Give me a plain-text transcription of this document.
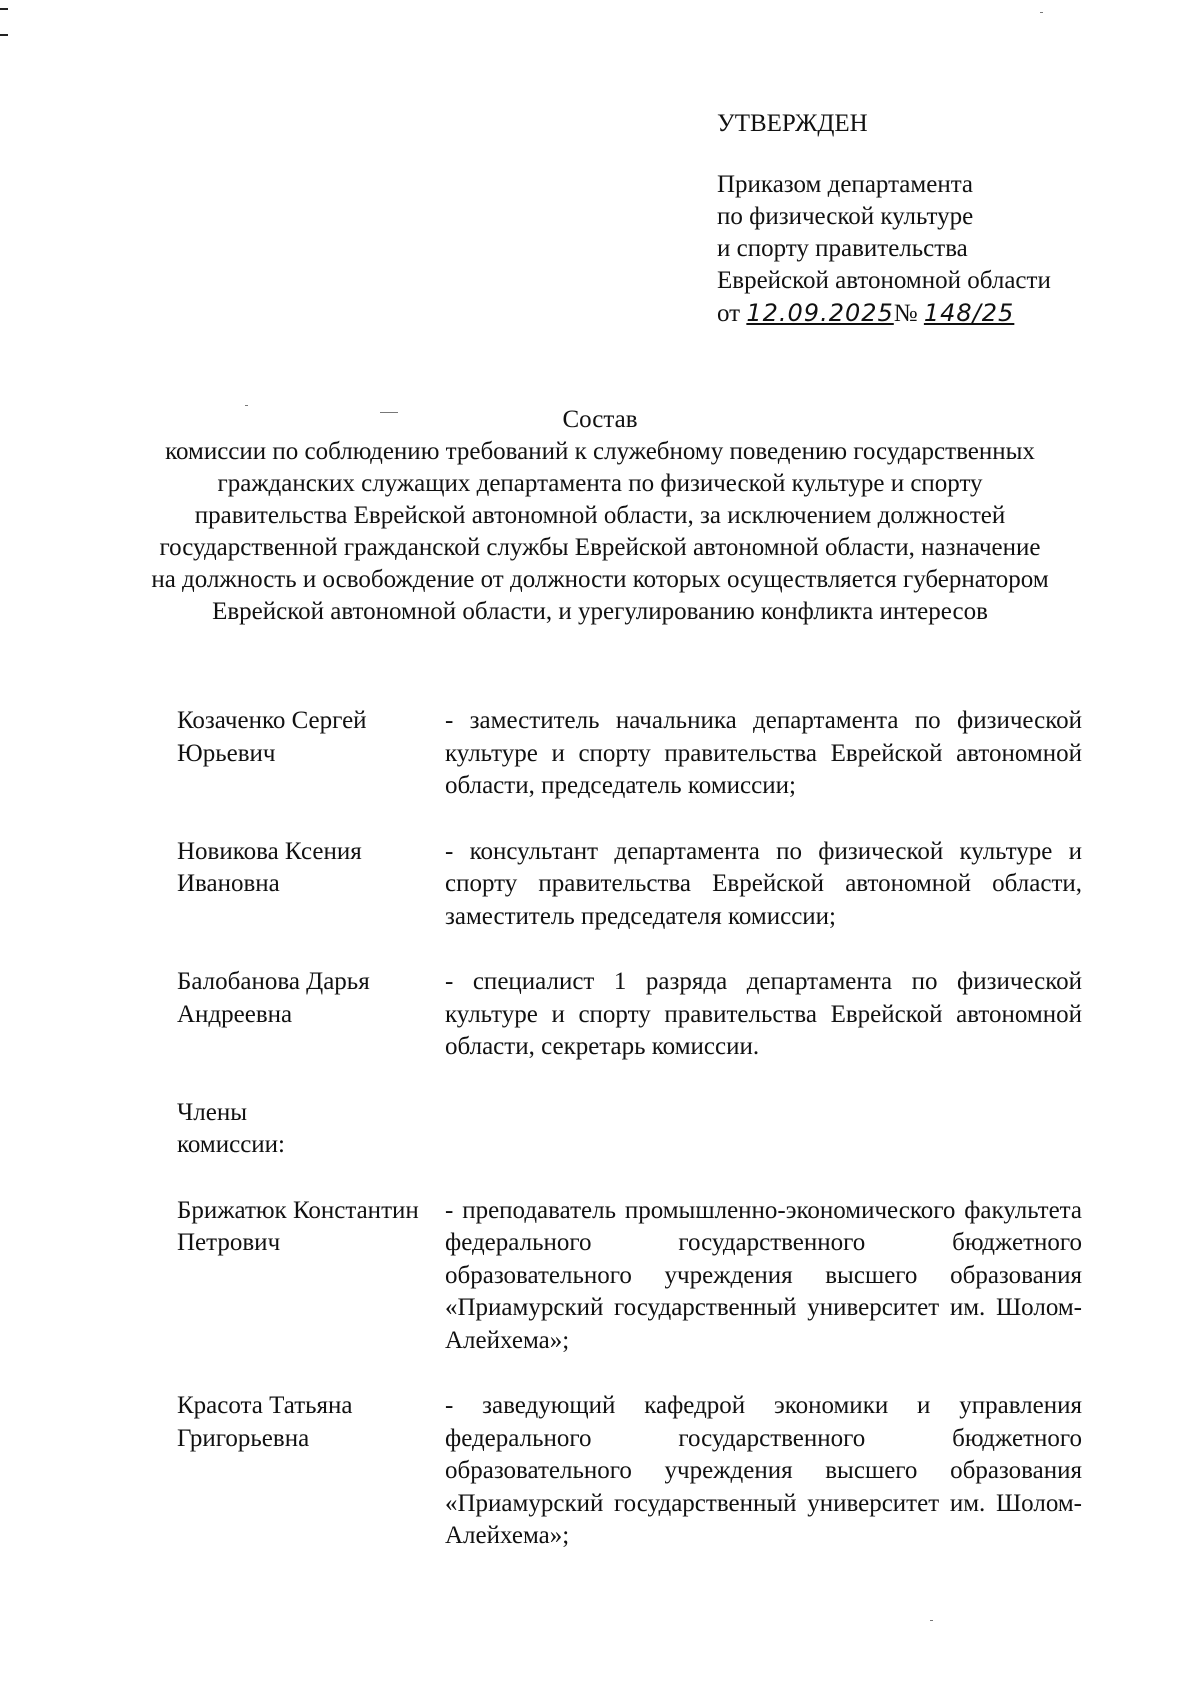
УТВЕРЖДЕН
Приказом департамента
по физической культуре
и спорту правительства
Еврейской автономной области
от 12.09.2025№ 148/25
Состав
комиссии по соблюдению требований к служебному поведению государственных гражданских служащих департамента по физической культуре и спорту правительства Еврейской автономной области, за исключением должностей государственной гражданской службы Еврейской автономной области, назначение на должность и освобождение от должности которых осуществляется губернатором Еврейской автономной области, и урегулированию конфликта интересов
Козаченко Сергей Юрьевич
- заместитель начальника департамента по физической культуре и спорту правительства Еврейской автономной области, председатель комиссии;
Новикова Ксения Ивановна
- консультант департамента по физической культуре и спорту правительства Еврейской автономной области, заместитель председателя комиссии;
Балобанова Дарья Андреевна
- специалист 1 разряда департамента по физической культуре и спорту правительства Еврейской автономной области, секретарь комиссии.
Члены комиссии:
Брижатюк Константин Петрович
- преподаватель промышленно-экономического факультета федерального государственного бюджетного образовательного учреждения высшего образования «Приамурский государственный университет им. Шолом-Алейхема»;
Красота Татьяна Григорьевна
- заведующий кафедрой экономики и управления федерального государственного бюджетного образовательного учреждения высшего образования «Приамурский государственный университет им. Шолом-Алейхема»;
